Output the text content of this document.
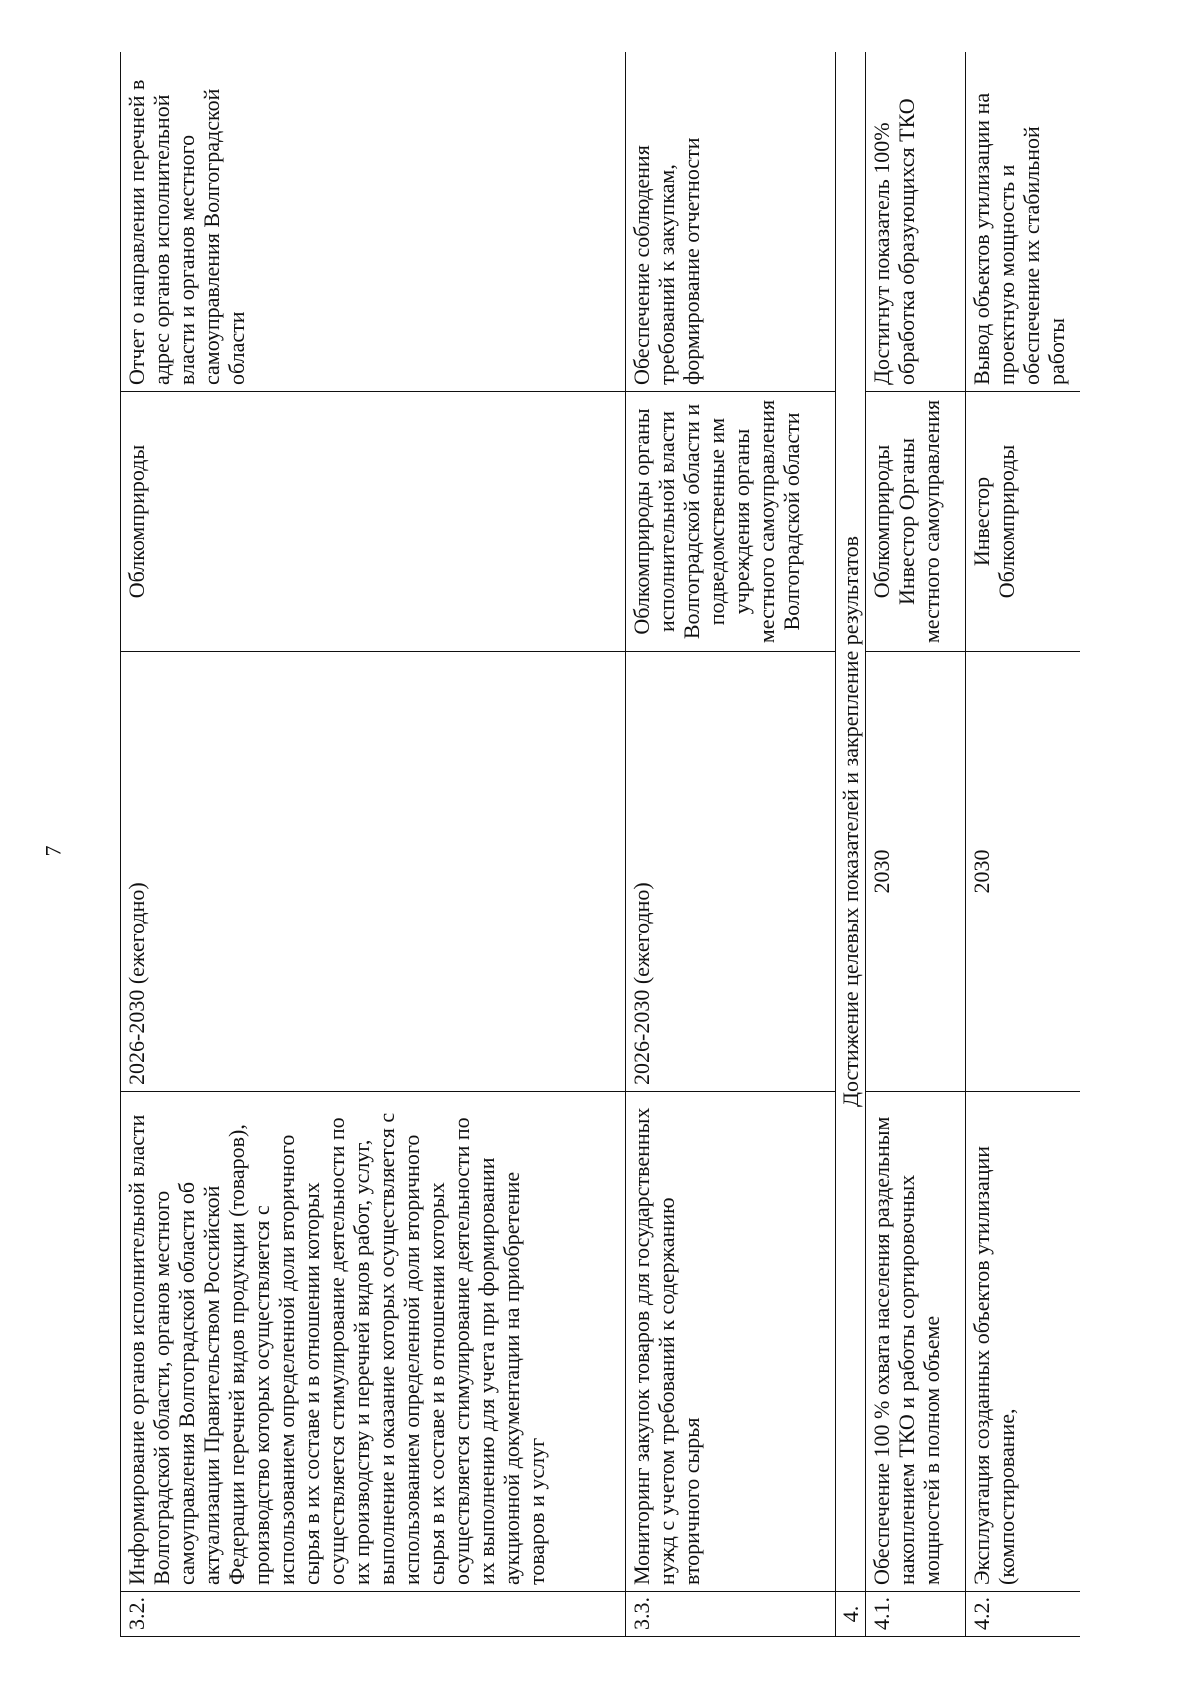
7
3.2.	Информирование органов исполнительной власти Волгоградской области, органов местного самоуправления Волгоградской области об актуализации Правительством Российской Федерации перечней видов продукции (товаров), производство которых осуществляется с использованием определенной доли вторичного сырья в их составе и в отношении которых осуществляется стимулирование деятельности по их производству и перечней видов работ, услуг, выполнение и оказание которых осуществляется с использованием определенной доли вторичного сырья в их составе и в отношении которых осуществляется стимулирование деятельности по их выполнению для учета при формировании аукционной документации на приобретение товаров и услуг	2026-2030 (ежегодно)	Облкомприроды	Отчет о направлении перечней в адрес органов исполнительной власти и органов местного самоуправления Волгоградской области
3.3.	Мониторинг закупок товаров для государственных нужд с учетом требований к содержанию вторичного сырья	2026-2030 (ежегодно)	Облкомприроды органы исполнительной власти Волгоградской области и подведомственные им учреждения органы местного самоуправления Волгоградской области	Обеспечение соблюдения требований к закупкам, формирование отчетности
4.	Достижение целевых показателей и закрепление результатов			
4.1.	Обеспечение 100 % охвата населения раздельным накоплением ТКО и работы сортировочных мощностей в полном объеме	2030	Облкомприроды Инвестор Органы местного самоуправления	Достигнут показатель 100% обработка образующихся ТКО
4.2.	Эксплуатация созданных объектов утилизации (компостирование,	2030	Инвестор Облкомприроды	Вывод объектов утилизации на проектную мощность и обеспечение их стабильной работы
